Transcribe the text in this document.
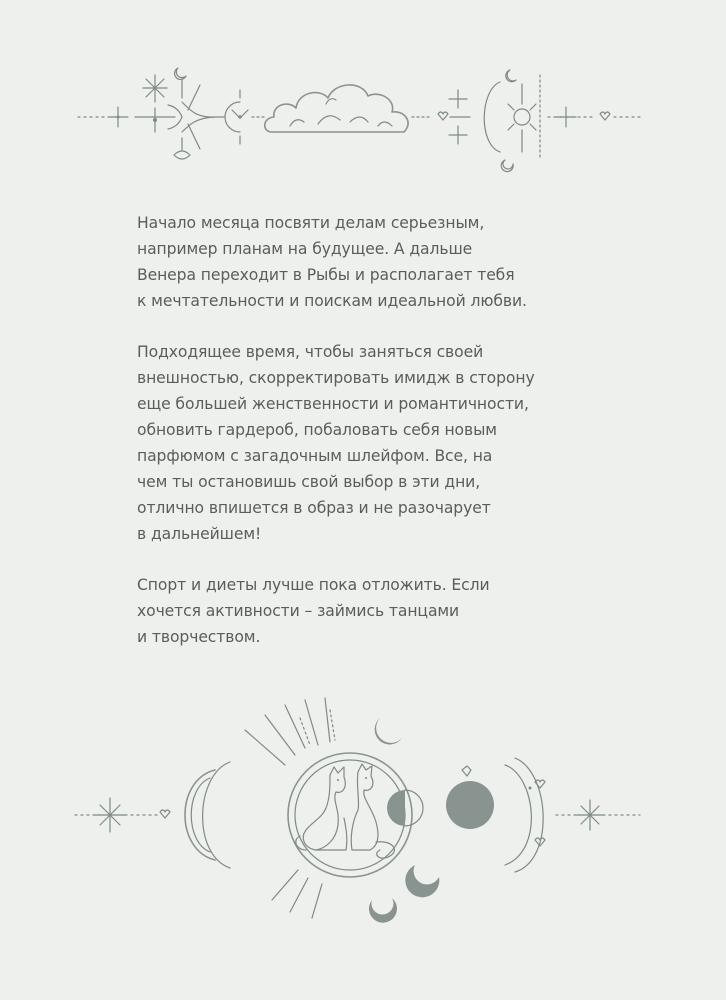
Начало месяца посвяти делам серьезным,
например планам на будущее. А дальше
Венера переходит в Рыбы и располагает тебя
к мечтательности и поискам идеальной любви.

Подходящее время, чтобы заняться своей
внешностью, скорректировать имидж в сторону
еще большей женственности и романтичности,
обновить гардероб, побаловать себя новым
парфюмом с загадочным шлейфом. Все, на
чем ты остановишь свой выбор в эти дни,
отлично впишется в образ и не разочарует
в дальнейшем!

Спорт и диеты лучше пока отложить. Если
хочется активности – займись танцами
и творчеством.
